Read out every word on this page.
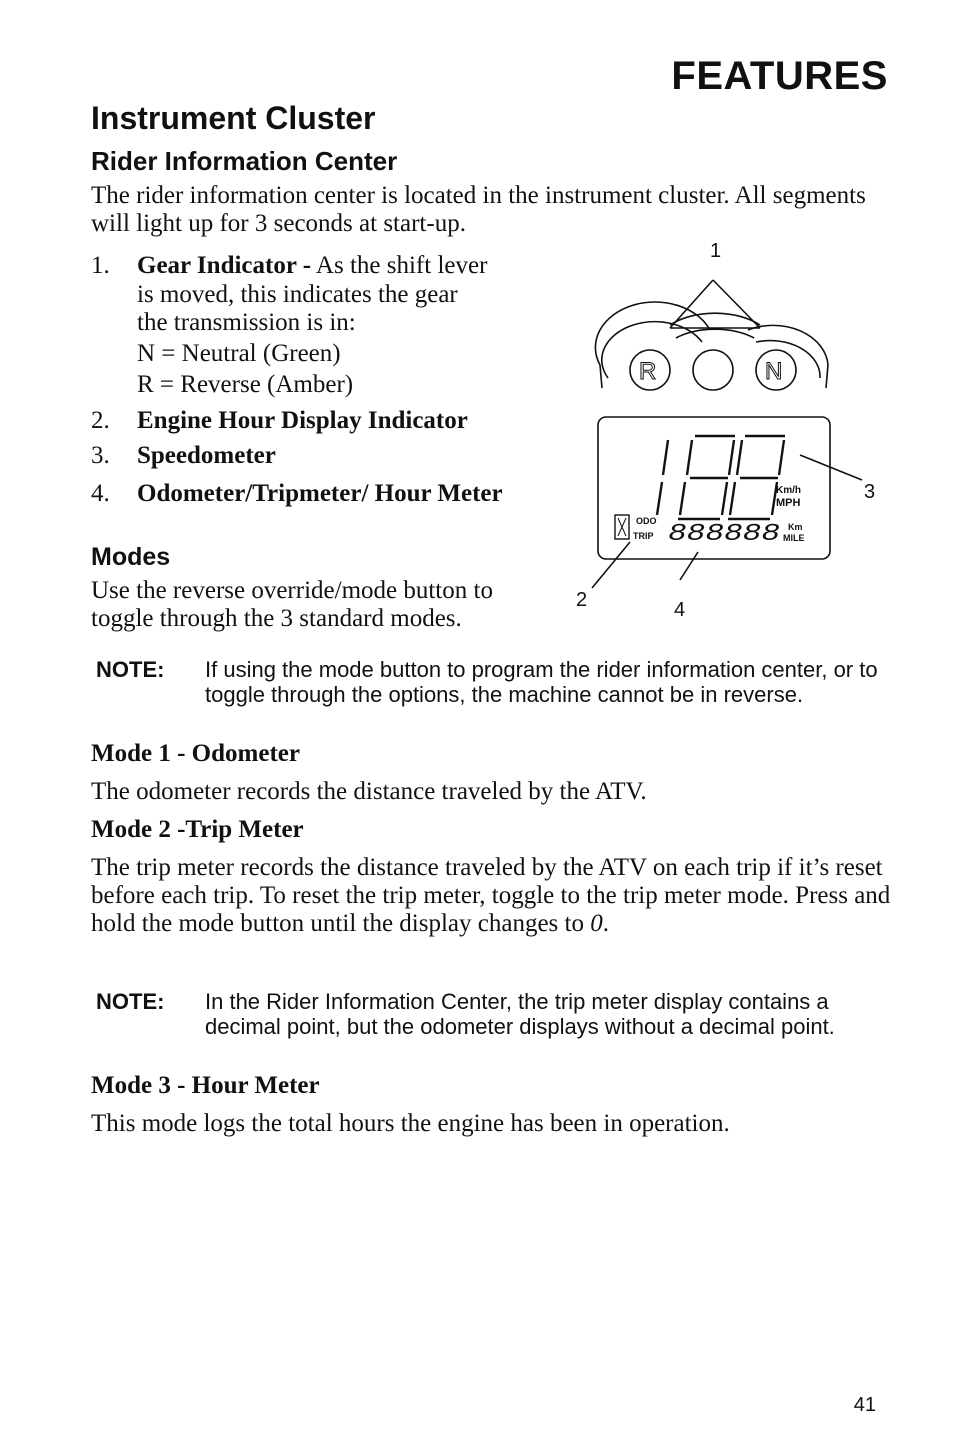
FEATURES
Instrument Cluster
Rider Information Center
The rider information center is located in the instrument cluster. All segments will light up for 3 seconds at start-up.
1. Gear Indicator - As the shift lever
is moved, this indicates the gear
the transmission is in:
N = Neutral (Green)
R = Reverse (Amber)
2. Engine Hour Display Indicator
3. Speedometer
4. Odometer/Tripmeter/ Hour Meter
Modes
Use the reverse override/mode button to toggle through the 3 standard modes.
NOTE: If using the mode button to program the rider information center, or to toggle through the options, the machine cannot be in reverse.
Mode 1 - Odometer
The odometer records the distance traveled by the ATV.
Mode 2 -Trip Meter
The trip meter records the distance traveled by the ATV on each trip if it’s reset before each trip. To reset the trip meter, toggle to the trip meter mode. Press and hold the mode button until the display changes to 0.
NOTE: In the Rider Information Center, the trip meter display contains a decimal point, but the odometer displays without a decimal point.
Mode 3 - Hour Meter
This mode logs the total hours the engine has been in operation.
41
1
2
3
4
R	N
Km/h
MPH
ODO
TRIP 888888 Km
MILE
